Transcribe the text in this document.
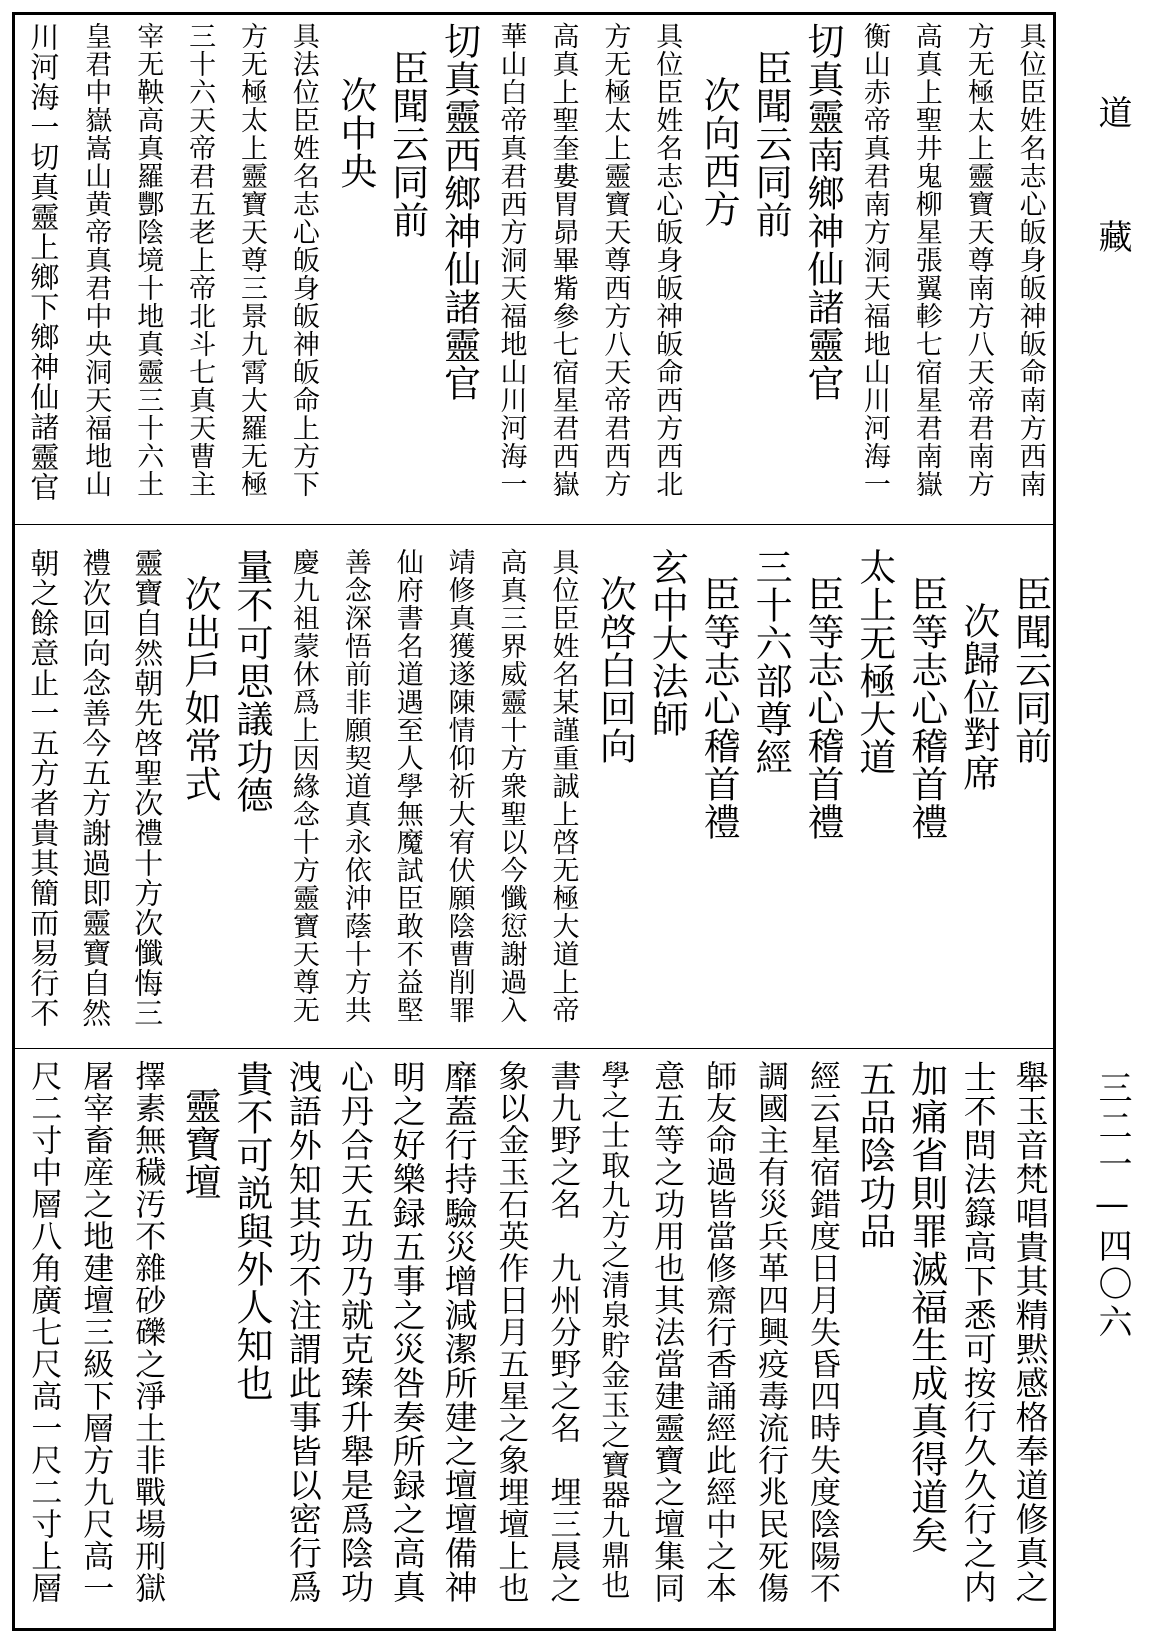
具位臣姓名志心皈身皈神皈命南方西南
方无極太上靈寶天尊南方八天帝君南方
高真上聖井鬼柳星張翼軫七宿星君南嶽
衡山赤帝真君南方洞天福地山川河海一
切真靈南鄉神仙諸靈官
臣聞云同前
次向西方
具位臣姓名志心皈身皈神皈命西方西北
方无極太上靈寶天尊西方八天帝君西方
高真上聖奎婁胃昴畢觜參七宿星君西嶽
華山白帝真君西方洞天福地山川河海一
切真靈西鄉神仙諸靈官
臣聞云同前
次中央
具法位臣姓名志心皈身皈神皈命上方下
方无極太上靈寶天尊三景九霄大羅无極
三十六天帝君五老上帝北斗七真天曹主
宰无鞅高真羅酆陰境十地真靈三十六土
皇君中嶽嵩山黄帝真君中央洞天福地山
川河海一切真靈上鄉下鄉神仙諸靈官
臣聞云同前
次歸位對席
臣等志心稽首禮
太上无極大道
臣等志心稽首禮
三十六部尊經
臣等志心稽首禮
玄中大法師
次啓白回向
具位臣姓名某謹重誠上啓无極大道上帝
高真三界威靈十方衆聖以今懺愆謝過入
靖修真獲遂陳情仰祈大宥伏願陰曹削罪
仙府書名道遇至人學無魔試臣敢不益堅
善念深悟前非願契道真永依沖蔭十方共
慶九祖蒙休爲上因緣念十方靈寶天尊无
量不可思議功德
次出戶如常式
靈寶自然朝先啓聖次禮十方次懺悔三
禮次回向念善今五方謝過即靈寶自然
朝之餘意止一五方者貴其簡而易行不
舉玉音梵唱貴其精黙感格奉道修真之
士不問法籙高下悉可按行久久行之内
加痛省則罪滅福生成真得道矣
五品陰功品
經云星宿錯度日月失昏四時失度陰陽不
調國主有災兵革四興疫毒流行兆民死傷
師友命過皆當修齋行香誦經此經中之本
意五等之功用也其法當建靈寶之壇集同
學之士取九方之清泉貯金玉之寶器九鼎也
書九野之名　九州分野之名　埋三晨之
象以金玉石英作日月五星之象埋壇上也
靡蓋行持驗災增減潔所建之壇壇備神
明之好樂録五事之災咎奏所録之高真
心丹合天五功乃就克臻升舉是爲陰功
洩語外知其功不注謂此事皆以密行爲
貴不可説與外人知也
靈寶壇
擇素無穢汚不雜砂礫之淨土非戰場刑獄
屠宰畜産之地建壇三級下層方九尺高一
尺二寸中層八角廣七尺高一尺二寸上層
道藏
三二一—四〇六
